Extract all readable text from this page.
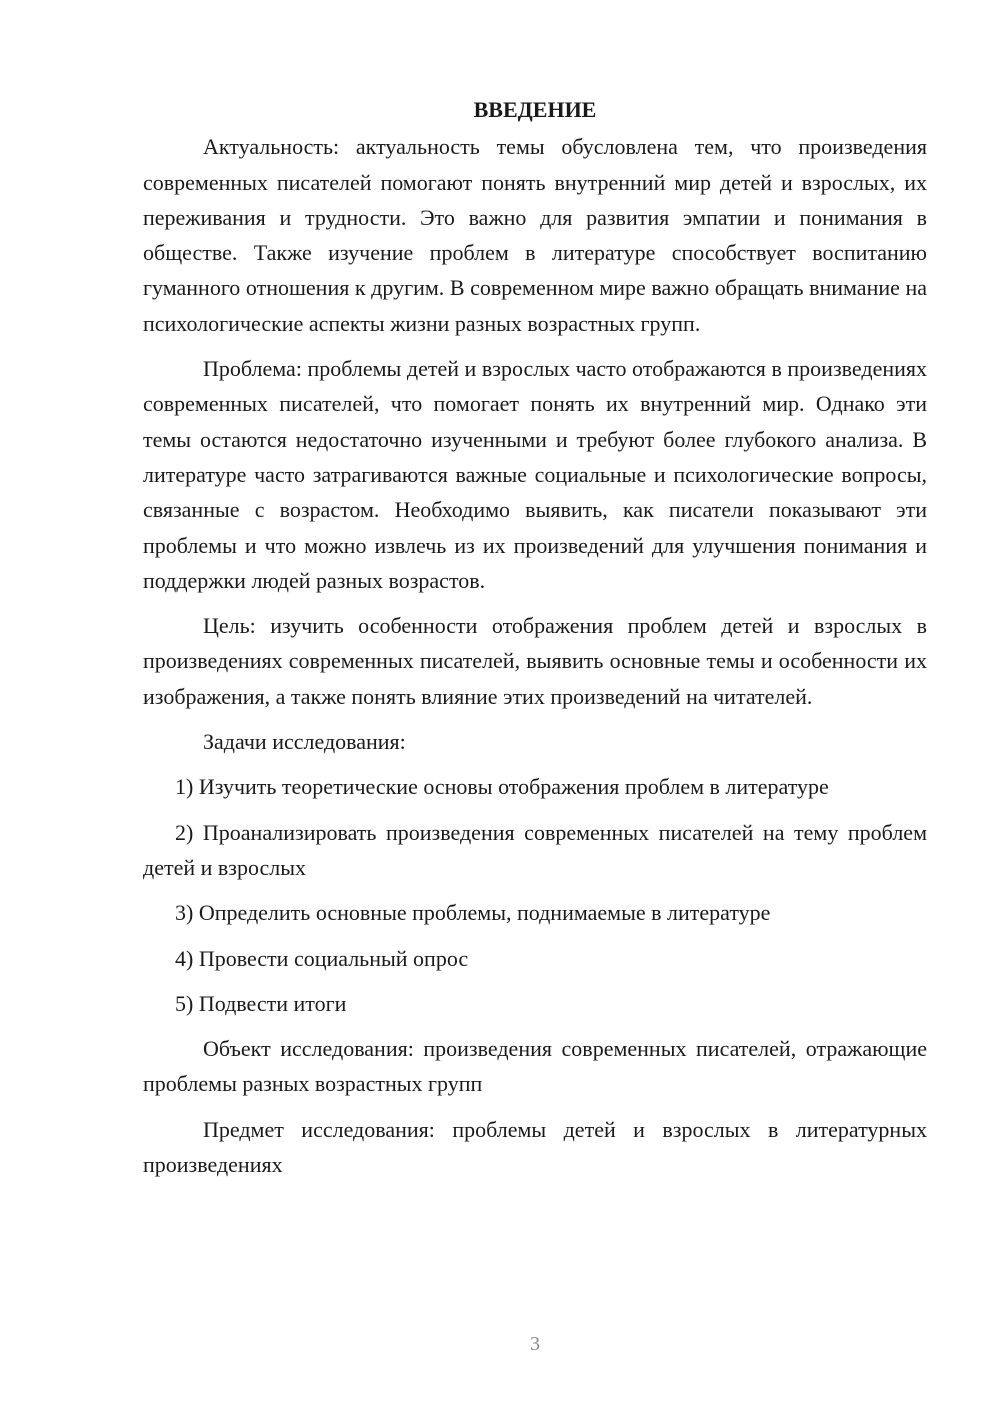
ВВЕДЕНИЕ

Актуальность: актуальность темы обусловлена тем, что произведения современных писателей помогают понять внутренний мир детей и взрослых, их переживания и трудности. Это важно для развития эмпатии и понимания в обществе. Также изучение проблем в литературе способствует воспитанию гуманного отношения к другим. В современном мире важно обращать внимание на психологические аспекты жизни разных возрастных групп.

Проблема: проблемы детей и взрослых часто отображаются в произведениях современных писателей, что помогает понять их внутренний мир. Однако эти темы остаются недостаточно изученными и требуют более глубокого анализа. В литературе часто затрагиваются важные социальные и психологические вопросы, связанные с возрастом. Необходимо выявить, как писатели показывают эти проблемы и что можно извлечь из их произведений для улучшения понимания и поддержки людей разных возрастов.

Цель: изучить особенности отображения проблем детей и взрослых в произведениях современных писателей, выявить основные темы и особенности их изображения, а также понять влияние этих произведений на читателей.

Задачи исследования:

1) Изучить теоретические основы отображения проблем в литературе

2) Проанализировать произведения современных писателей на тему проблем детей и взрослых

3) Определить основные проблемы, поднимаемые в литературе

4) Провести социальный опрос

5) Подвести итоги

Объект исследования: произведения современных писателей, отражающие проблемы разных возрастных групп

Предмет исследования: проблемы детей и взрослых в литературных произведениях

3
